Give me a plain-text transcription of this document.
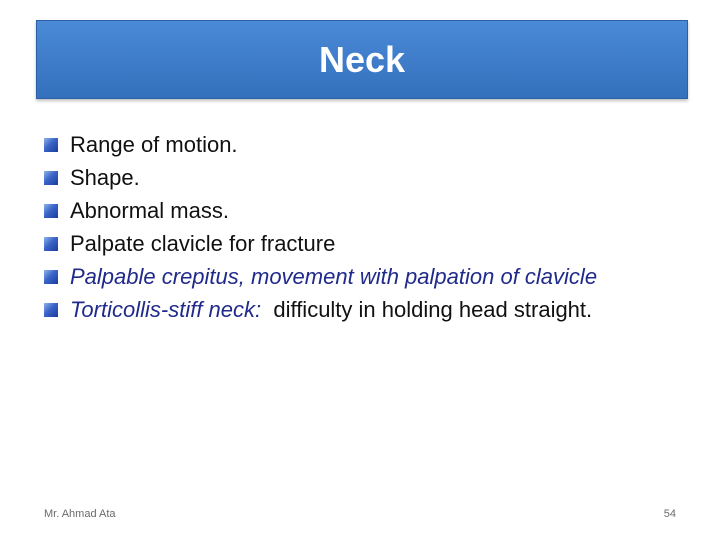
Neck
Range of motion.
Shape.
Abnormal mass.
Palpate clavicle for fracture
Palpable crepitus, movement with palpation of clavicle
Torticollis-stiff neck:  difficulty in holding head straight.
Mr. Ahmad Ata	54
